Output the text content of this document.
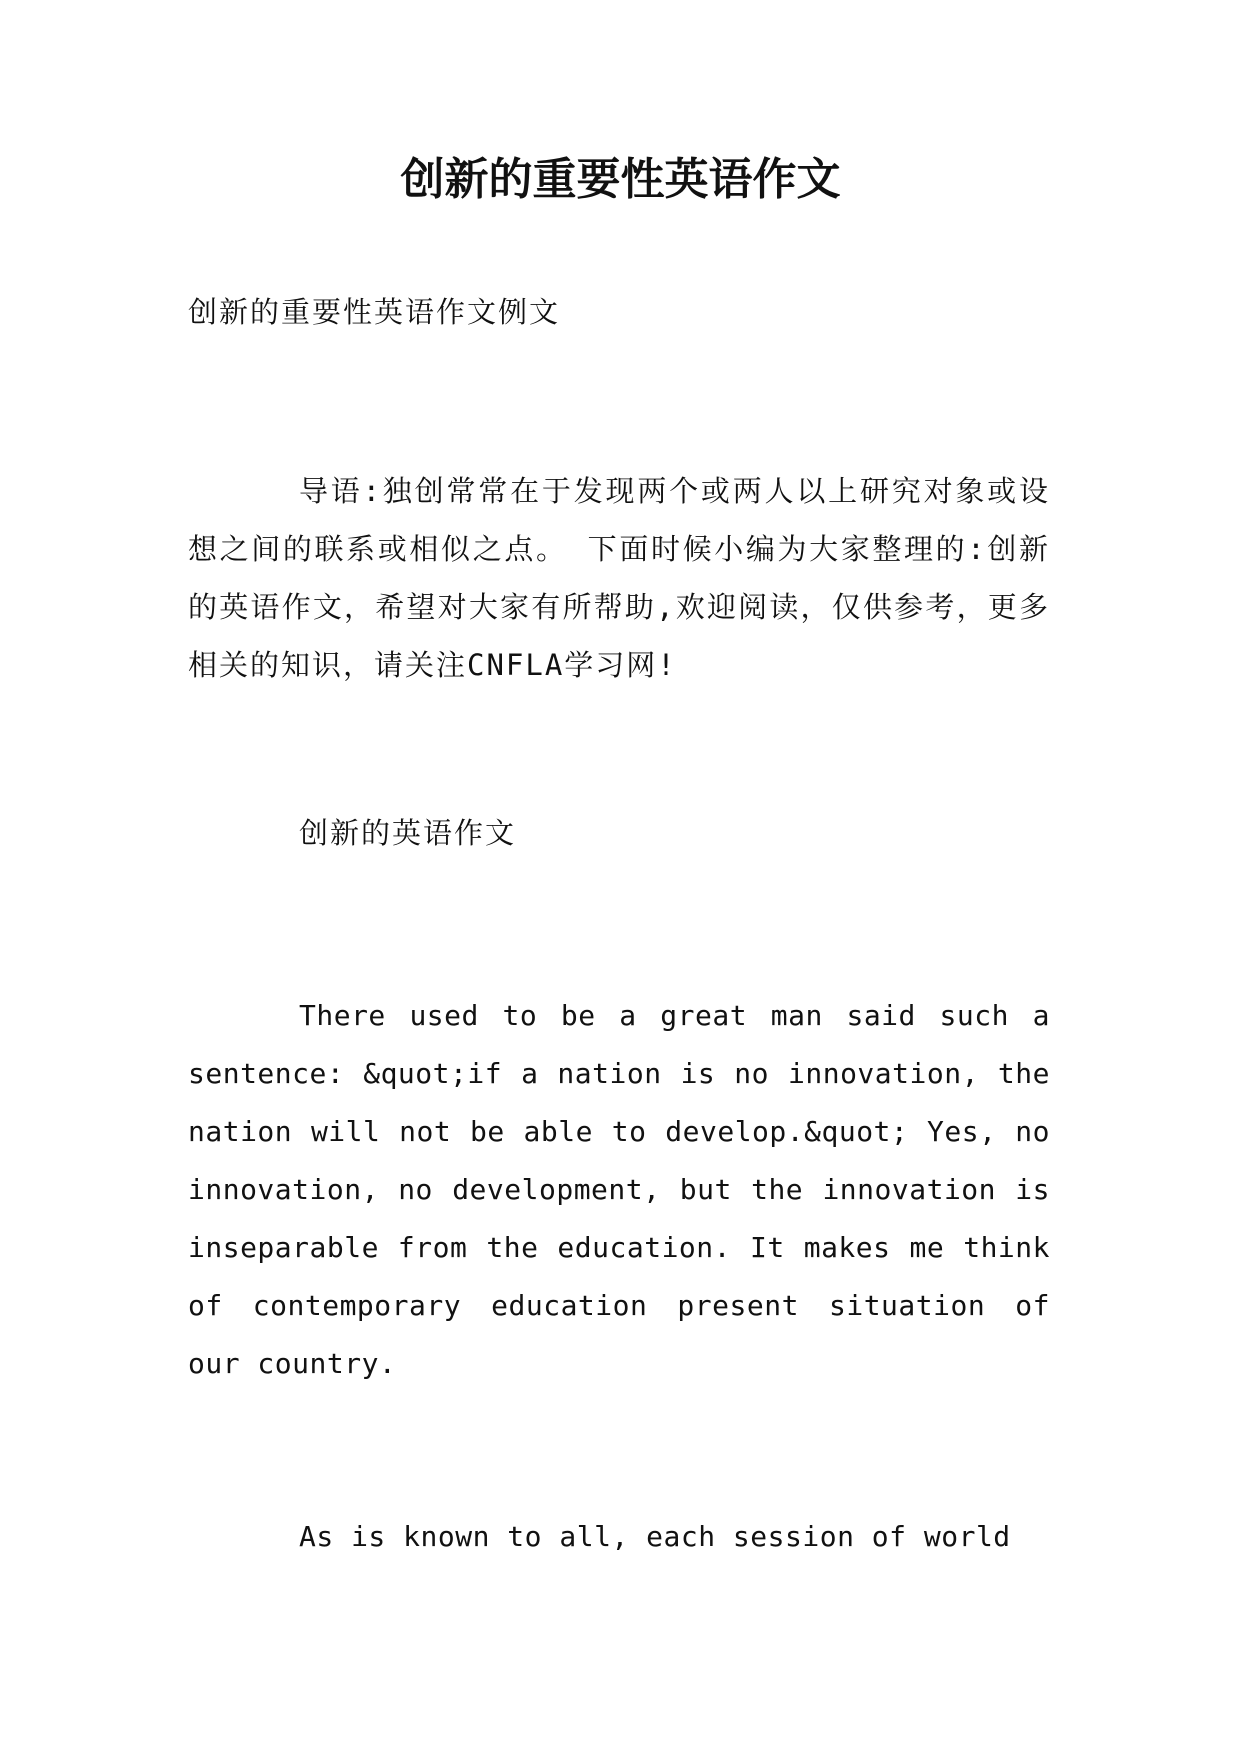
创新的重要性英语作文

创新的重要性英语作文例文

导语:独创常常在于发现两个或两人以上研究对象或设想之间的联系或相似之点。 下面时候小编为大家整理的:创新的英语作文，希望对大家有所帮助,欢迎阅读，仅供参考，更多相关的知识，请关注CNFLA学习网!

创新的英语作文

There used to be a great man said such a sentence: &quot;if a nation is no innovation, the nation will not be able to develop.&quot; Yes, no innovation, no development, but the innovation is inseparable from the education. It makes me think of contemporary education present situation of our country.

As is known to all, each session of world
